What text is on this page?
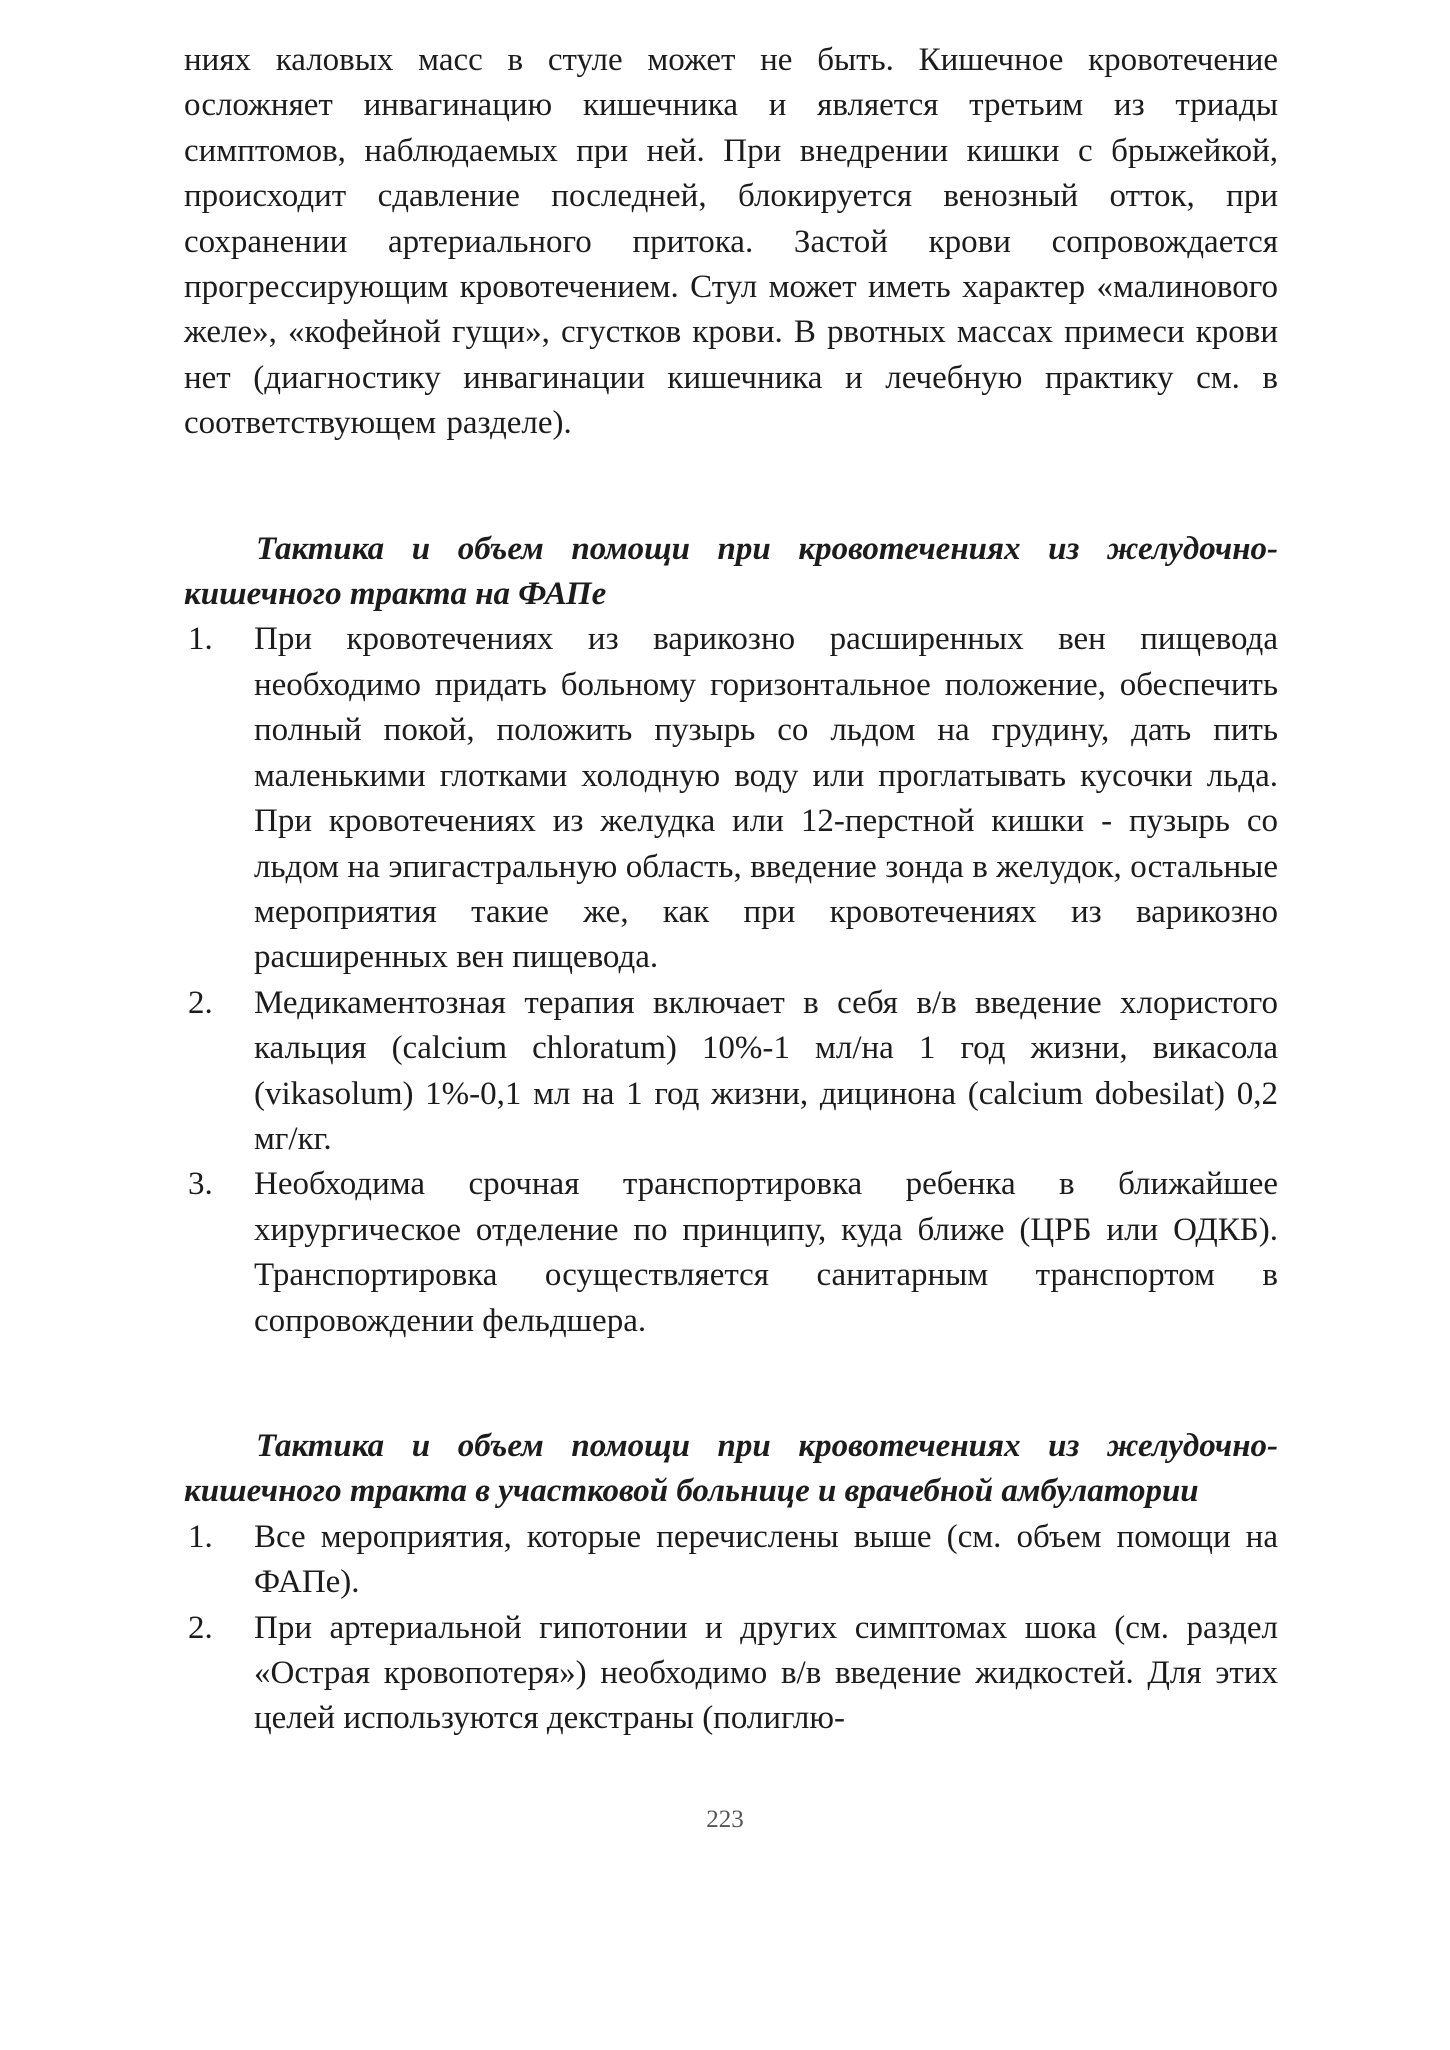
ниях каловых масс в стуле может не быть. Кишечное кровотечение осложняет инвагинацию кишечника и является третьим из триады симптомов, наблюдаемых при ней. При внедрении кишки с брыжейкой, происходит сдавление последней, блокируется венозный отток, при сохранении артериального притока. Застой крови сопровождается прогрессирующим кровотечением. Стул может иметь характер «малинового желе», «кофейной гущи», сгустков крови. В рвотных массах примеси крови нет (диагностику инвагинации кишечника и лечебную практику см. в соответствующем разделе).

Тактика и объем помощи при кровотечениях из желудочно-кишечного тракта на ФАПе
1. При кровотечениях из варикозно расширенных вен пищевода необходимо придать больному горизонтальное положение, обеспечить полный покой, положить пузырь со льдом на грудину, дать пить маленькими глотками холодную воду или проглатывать кусочки льда. При кровотечениях из желудка или 12-перстной кишки - пузырь со льдом на эпигастральную область, введение зонда в желудок, остальные мероприятия такие же, как при кровотечениях из варикозно расширенных вен пищевода.
2. Медикаментозная терапия включает в себя в/в введение хлористого кальция (calcium chloratum) 10%-1 мл/на 1 год жизни, викасола (vikasolum) 1%-0,1 мл на 1 год жизни, дицинона (calcium dobesilat) 0,2 мг/кг.
3. Необходима срочная транспортировка ребенка в ближайшее хирургическое отделение по принципу, куда ближе (ЦРБ или ОДКБ). Транспортировка осуществляется санитарным транспортом в сопровождении фельдшера.
Тактика и объем помощи при кровотечениях из желудочно-кишечного тракта в участковой больнице и врачебной амбулатории
1. Все мероприятия, которые перечислены выше (см. объем помощи на ФАПе).
2. При артериальной гипотонии и других симптомах шока (см. раздел «Острая кровопотеря») необходимо в/в введение жидкостей. Для этих целей используются декстраны (полиглю-
223
